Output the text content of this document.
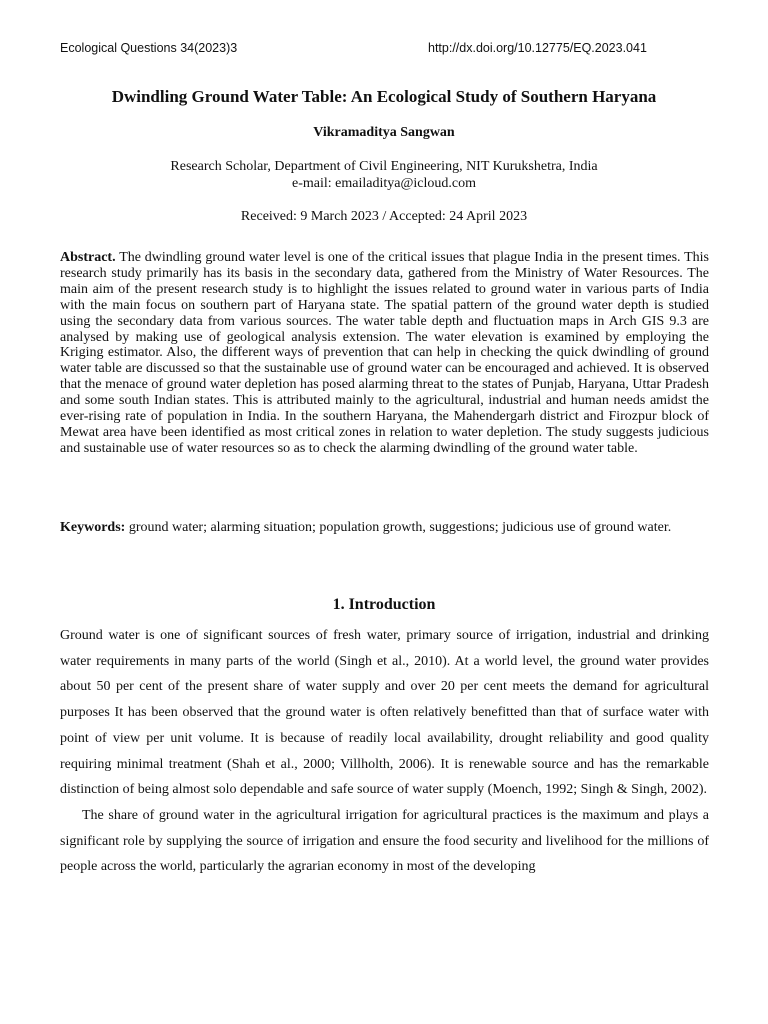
Ecological Questions 34(2023)3	http://dx.doi.org/10.12775/EQ.2023.041
Dwindling Ground Water Table: An Ecological Study of Southern Haryana
Vikramaditya Sangwan
Research Scholar, Department of Civil Engineering, NIT Kurukshetra, India
e-mail: emailaditya@icloud.com
Received: 9 March 2023 / Accepted: 24 April 2023

Abstract. The dwindling ground water level is one of the critical issues that plague India in the present times. This research study primarily has its basis in the secondary data, gathered from the Ministry of Water Resources. The main aim of the present research study is to highlight the issues related to ground water in various parts of India with the main focus on southern part of Haryana state. The spatial pattern of the ground water depth is studied using the secondary data from various sources. The water table depth and fluctuation maps in Arch GIS 9.3 are analysed by making use of geological analysis extension. The water elevation is examined by employing the Kriging estimator. Also, the different ways of prevention that can help in checking the quick dwindling of ground water table are discussed so that the sustainable use of ground water can be encouraged and achieved. It is observed that the menace of ground water depletion has posed alarming threat to the states of Punjab, Haryana, Uttar Pradesh and some south Indian states. This is attributed mainly to the agricultural, industrial and human needs amidst the ever-rising rate of population in India. In the southern Haryana, the Mahendergarh district and Firozpur block of Mewat area have been identified as most critical zones in relation to water depletion. The study suggests judicious and sustainable use of water resources so as to check the alarming dwindling of the ground water table.

Keywords: ground water; alarming situation; population growth, suggestions; judicious use of ground water.

1. Introduction

Ground water is one of significant sources of fresh water, primary source of irrigation, industrial and drinking water requirements in many parts of the world (Singh et al., 2010). At a world level, the ground water provides about 50 per cent of the present share of water supply and over 20 per cent meets the demand for agricultural purposes It has been observed that the ground water is often relatively benefitted than that of surface water with point of view per unit volume. It is because of readily local availability, drought reliability and good quality requiring minimal treatment (Shah et al., 2000; Villholth, 2006). It is renewable source and has the remarkable distinction of being almost solo dependable and safe source of water supply (Moench, 1992; Singh & Singh, 2002).

The share of ground water in the agricultural irrigation for agricultural practices is the maximum and plays a significant role by supplying the source of irrigation and ensure the food security and livelihood for the millions of people across the world, particularly the agrarian economy in most of the developing
